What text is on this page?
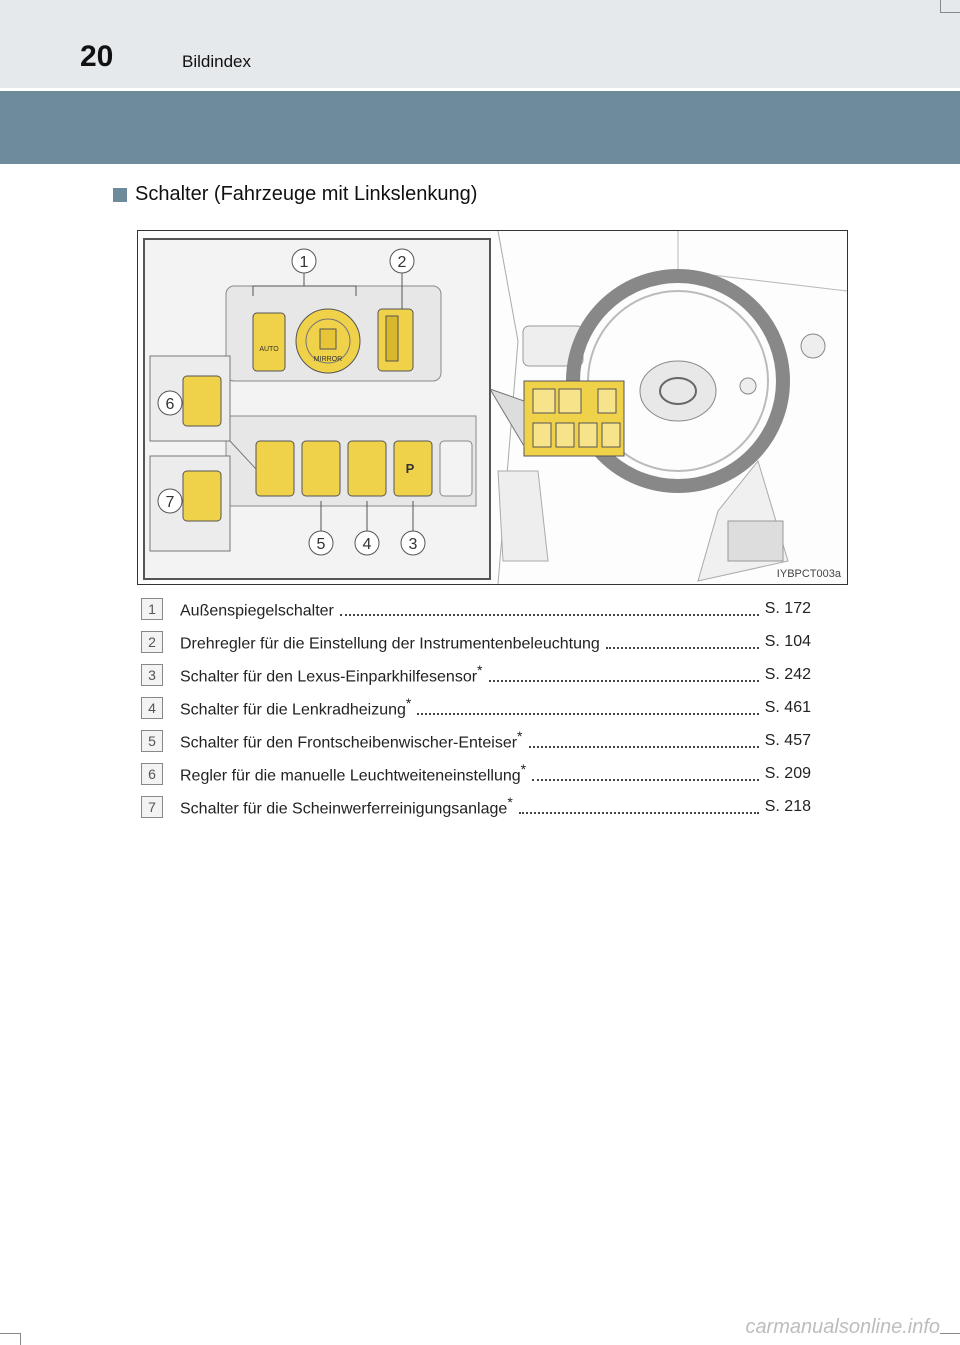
20	Bildindex
Schalter (Fahrzeuge mit Linkslenkung)
1	2
6
7
5 4 3
AUTO
MIRROR
P
IYBPCT003a
1	Außenspiegelschalter	S. 172
2	Drehregler für die Einstellung der Instrumentenbeleuchtung	S. 104
3	Schalter für den Lexus-Einparkhilfesensor*	S. 242
4	Schalter für die Lenkradheizung*	S. 461
5	Schalter für den Frontscheibenwischer-Enteiser*	S. 457
6	Regler für die manuelle Leuchtweiteneinstellung*	S. 209
7	Schalter für die Scheinwerferreinigungsanlage*	S. 218
carmanualsonline.info
